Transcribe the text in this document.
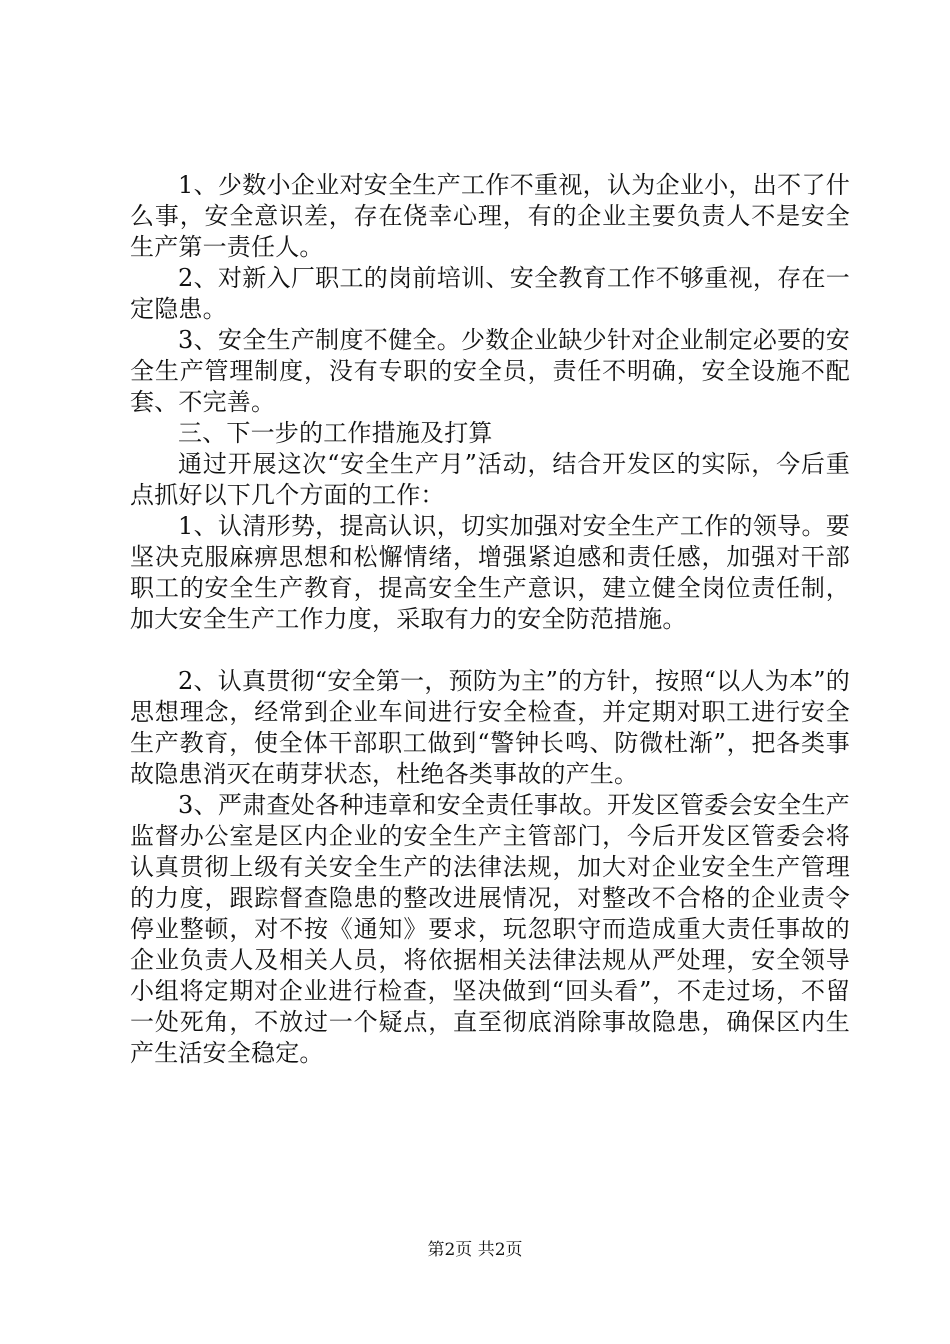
1、少数小企业对安全生产工作不重视，认为企业小，出不了什么事，安全意识差，存在侥幸心理，有的企业主要负责人不是安全生产第一责任人。

2、对新入厂职工的岗前培训、安全教育工作不够重视，存在一定隐患。

3、安全生产制度不健全。少数企业缺少针对企业制定必要的安全生产管理制度，没有专职的安全员，责任不明确，安全设施不配套、不完善。

三、下一步的工作措施及打算

通过开展这次“安全生产月”活动，结合开发区的实际，今后重点抓好以下几个方面的工作：

1、认清形势，提高认识，切实加强对安全生产工作的领导。要坚决克服麻痹思想和松懈情绪，增强紧迫感和责任感，加强对干部职工的安全生产教育，提高安全生产意识，建立健全岗位责任制，加大安全生产工作力度，采取有力的安全防范措施。

2、认真贯彻“安全第一，预防为主”的方针，按照“以人为本”的思想理念，经常到企业车间进行安全检查，并定期对职工进行安全生产教育，使全体干部职工做到“警钟长鸣、防微杜渐”，把各类事故隐患消灭在萌芽状态，杜绝各类事故的产生。

3、严肃查处各种违章和安全责任事故。开发区管委会安全生产监督办公室是区内企业的安全生产主管部门，今后开发区管委会将认真贯彻上级有关安全生产的法律法规，加大对企业安全生产管理的力度，跟踪督查隐患的整改进展情况，对整改不合格的企业责令停业整顿，对不按《通知》要求，玩忽职守而造成重大责任事故的企业负责人及相关人员，将依据相关法律法规从严处理，安全领导小组将定期对企业进行检查，坚决做到“回头看”，不走过场，不留一处死角，不放过一个疑点，直至彻底消除事故隐患，确保区内生产生活安全稳定。

第2页 共2页
